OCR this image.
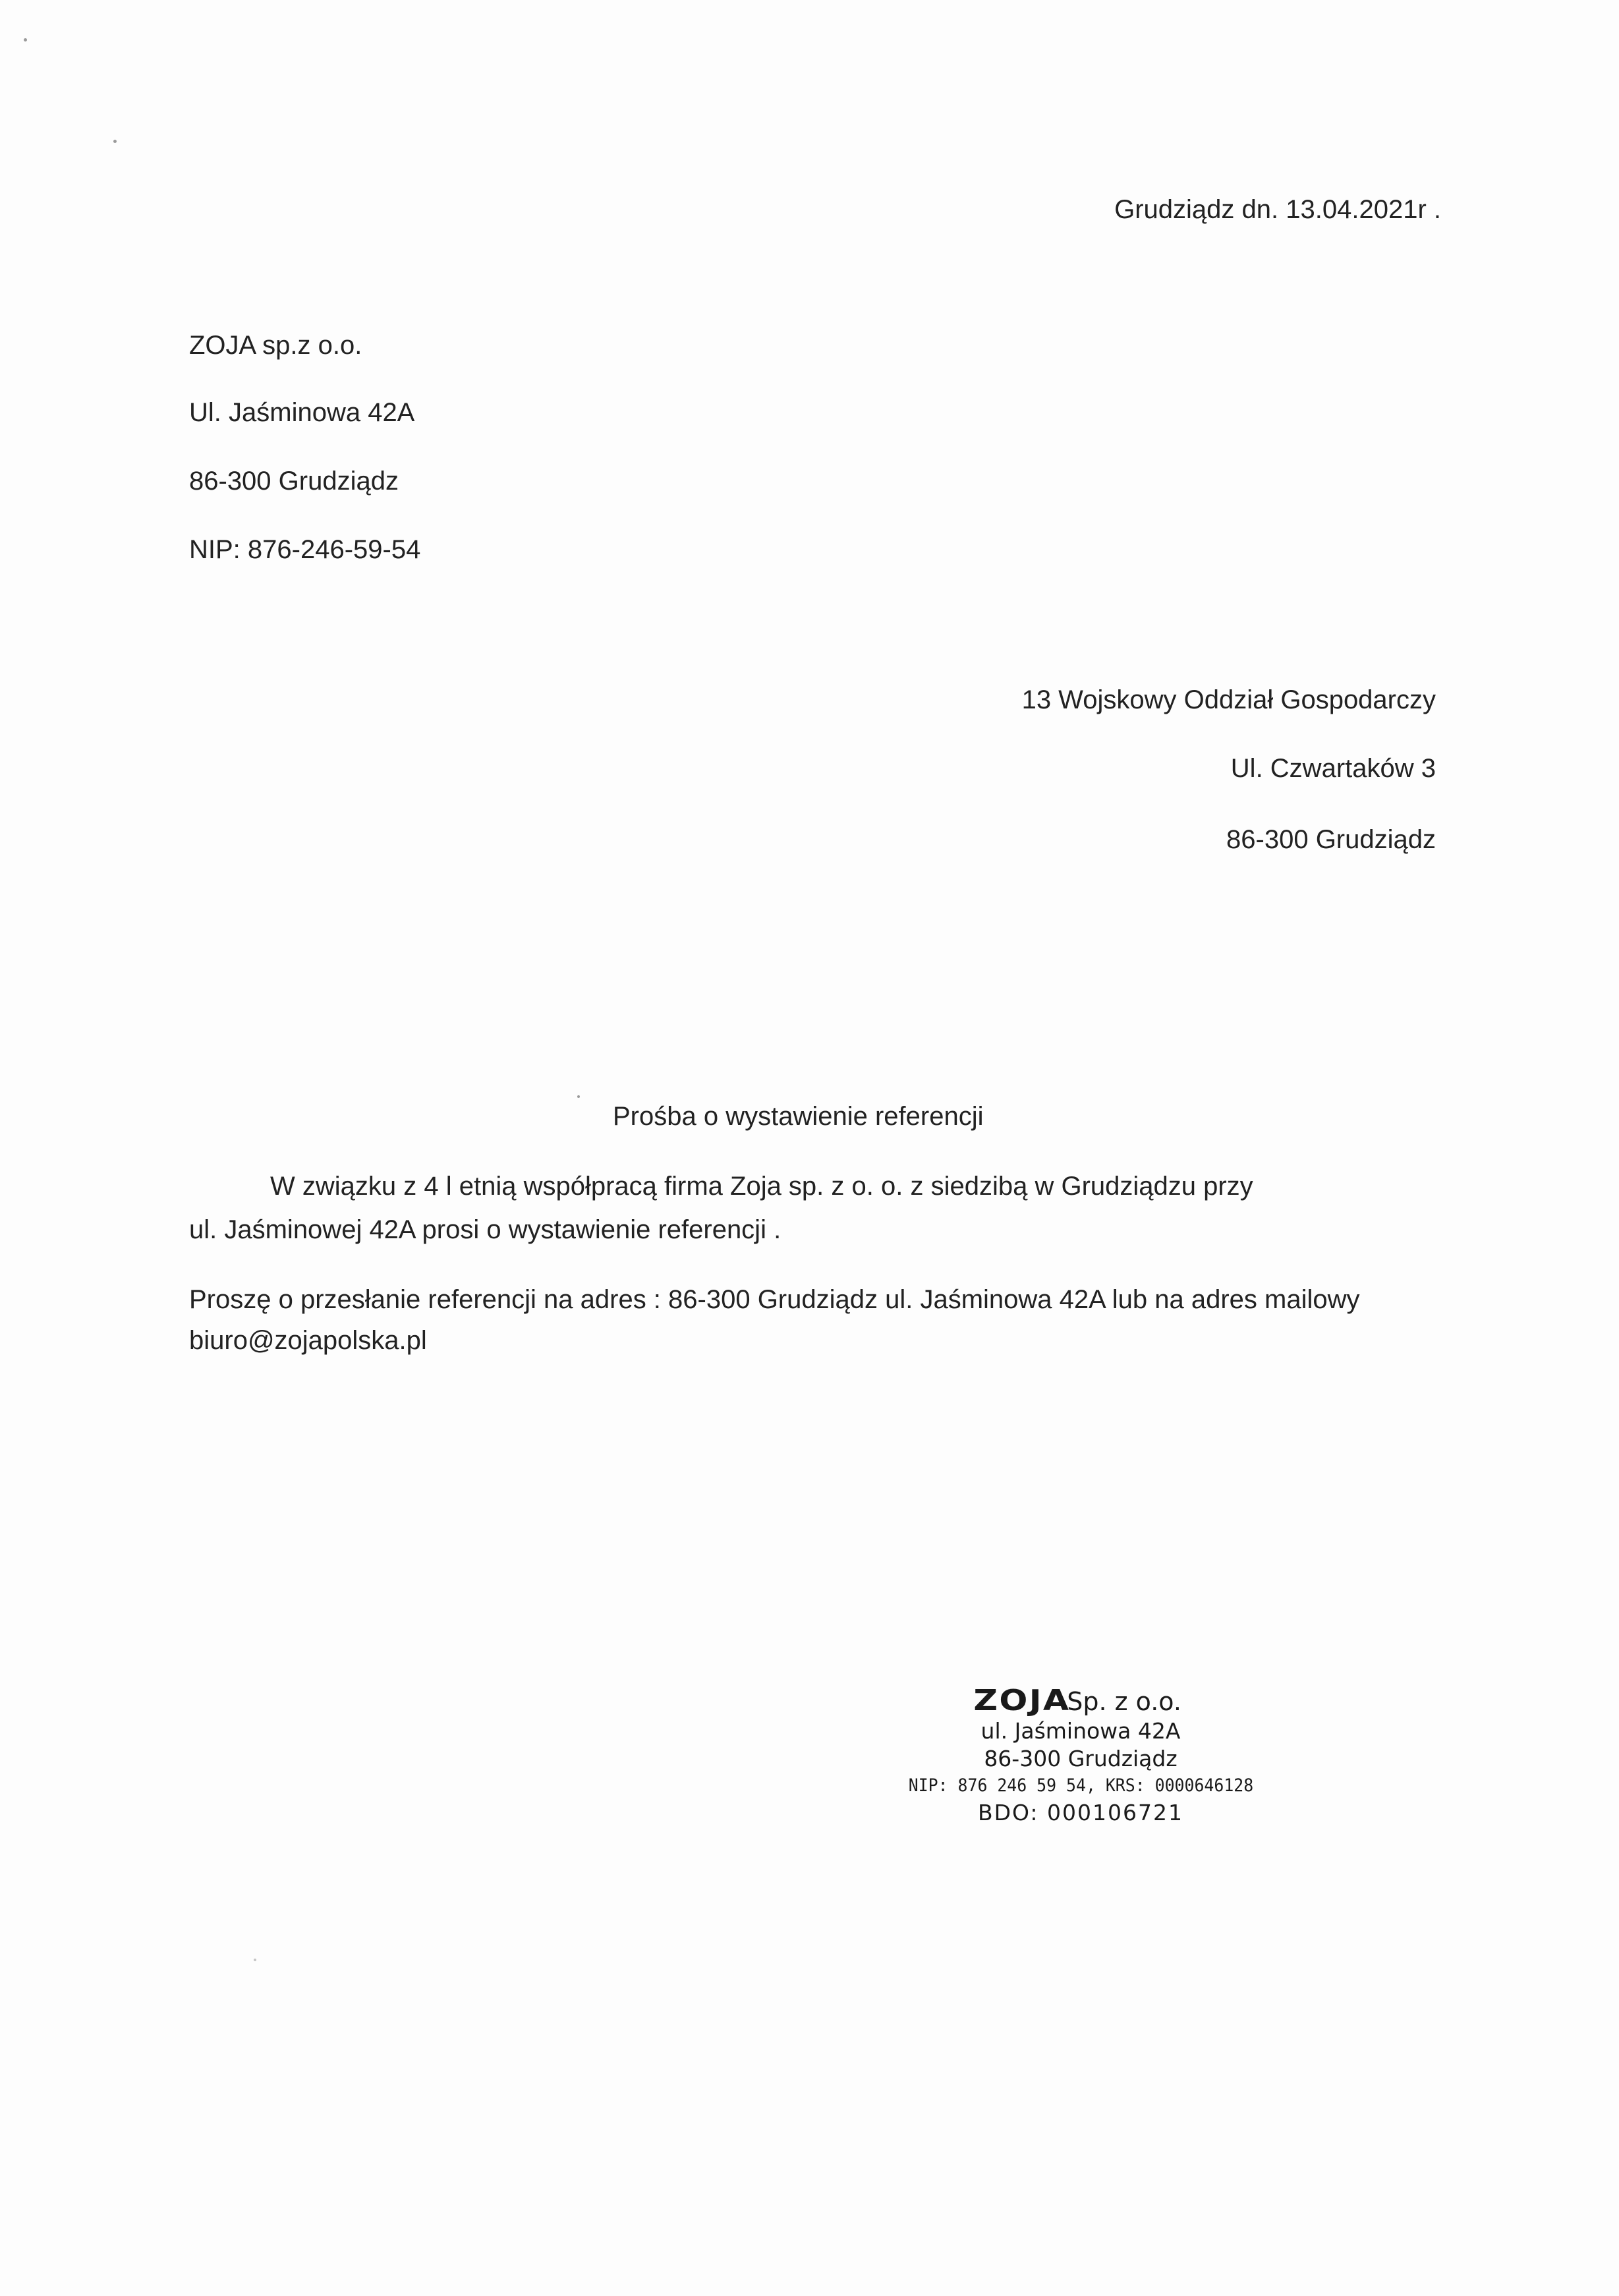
Grudziądz dn. 13.04.2021r .
ZOJA sp.z o.o.
Ul. Jaśminowa 42A
86-300 Grudziądz
NIP: 876-246-59-54
13 Wojskowy Oddział Gospodarczy
Ul. Czwartaków 3
86-300 Grudziądz
Prośba o wystawienie referencji
W związku z 4 l etnią współpracą firma Zoja sp. z o. o. z siedzibą w Grudziądzu przy
ul. Jaśminowej 42A prosi o wystawienie referencji .
Proszę o przesłanie referencji na adres : 86-300 Grudziądz ul. Jaśminowa 42A lub na adres mailowy
biuro@zojapolska.pl
ZOJA Sp. z o.o.
ul. Jaśminowa 42A
86-300 Grudziądz
NIP: 876 246 59 54, KRS: 0000646128
BDO: 000106721
